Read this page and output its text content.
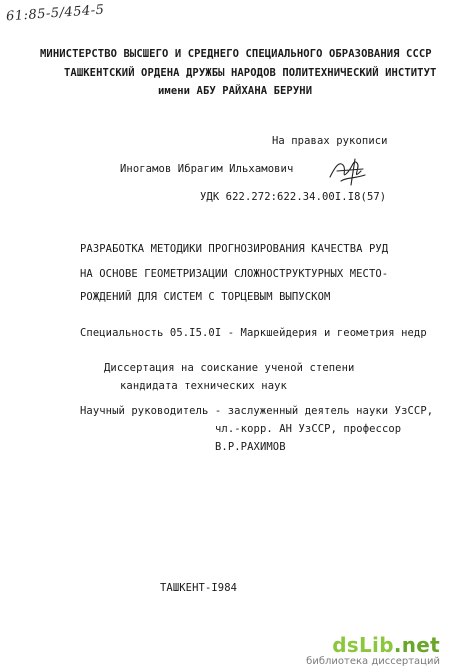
61:85-5/454-5
МИНИСТЕРСТВО ВЫСШЕГО И СРЕДНЕГО СПЕЦИАЛЬНОГО ОБРАЗОВАНИЯ СССР
ТАШКЕНТСКИЙ ОРДЕНА ДРУЖБЫ НАРОДОВ ПОЛИТЕХНИЧЕСКИЙ ИНСТИТУТ
имени АБУ РАЙХАНА БЕРУНИ
На правах рукописи
Иногамов Ибрагим Ильхамович
УДК 622.272:622.34.00I.I8(57)
РАЗРАБОТКА МЕТОДИКИ ПРОГНОЗИРОВАНИЯ КАЧЕСТВА РУД
НА ОСНОВЕ ГЕОМЕТРИЗАЦИИ СЛОЖНОСТРУКТУРНЫХ МЕСТО-
РОЖДЕНИЙ ДЛЯ СИСТЕМ С ТОРЦЕВЫМ ВЫПУСКОМ
Специальность 05.I5.0I - Маркшейдерия и геометрия недр
Диссертация на соискание ученой степени
кандидата технических наук
Научный руководитель - заслуженный деятель науки УзССР,
чл.-корр. АН УзССР, профессор
В.Р.РАХИМОВ
ТАШКЕНТ-I984
dsLib.net
библиотека диссертаций
